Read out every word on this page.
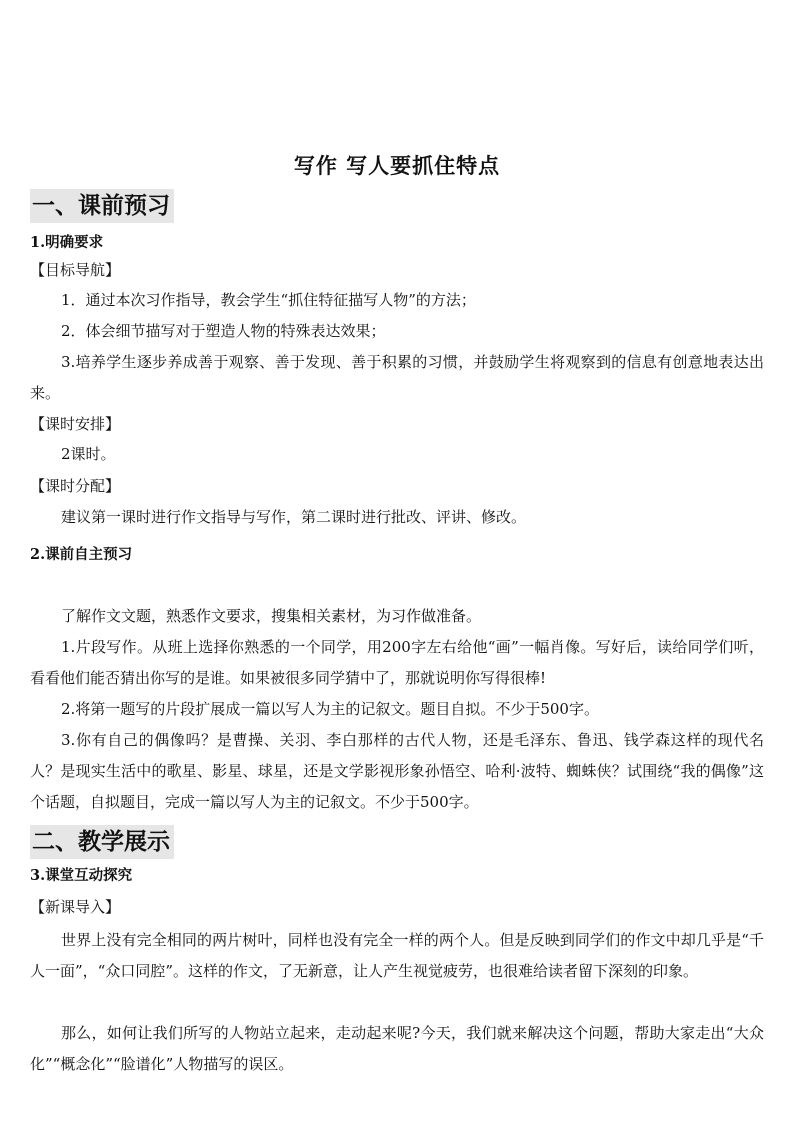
写作 写人要抓住特点
一、课前预习
1.明确要求
【目标导航】
1．通过本次习作指导，教会学生“抓住特征描写人物”的方法；
2．体会细节描写对于塑造人物的特殊表达效果；
3.培养学生逐步养成善于观察、善于发现、善于积累的习惯，并鼓励学生将观察到的信息有创意地表达出来。
【课时安排】
2课时。
【课时分配】
建议第一课时进行作文指导与写作，第二课时进行批改、评讲、修改。
2.课前自主预习
了解作文文题，熟悉作文要求，搜集相关素材，为习作做准备。
1.片段写作。从班上选择你熟悉的一个同学，用200字左右给他“画”一幅肖像。写好后，读给同学们听，看看他们能否猜出你写的是谁。如果被很多同学猜中了，那就说明你写得很棒!
2.将第一题写的片段扩展成一篇以写人为主的记叙文。题目自拟。不少于500字。
3.你有自己的偶像吗？是曹操、关羽、李白那样的古代人物，还是毛泽东、鲁迅、钱学森这样的现代名人？是现实生活中的歌星、影星、球星，还是文学影视形象孙悟空、哈利·波特、蜘蛛侠？试围绕“我的偶像”这个话题，自拟题目，完成一篇以写人为主的记叙文。不少于500字。
二、教学展示
3.课堂互动探究
【新课导入】
世界上没有完全相同的两片树叶，同样也没有完全一样的两个人。但是反映到同学们的作文中却几乎是“千人一面”，“众口同腔”。这样的作文，了无新意，让人产生视觉疲劳，也很难给读者留下深刻的印象。
那么，如何让我们所写的人物站立起来，走动起来呢?今天，我们就来解决这个问题，帮助大家走出“大众化”“概念化”“脸谱化”人物描写的误区。
